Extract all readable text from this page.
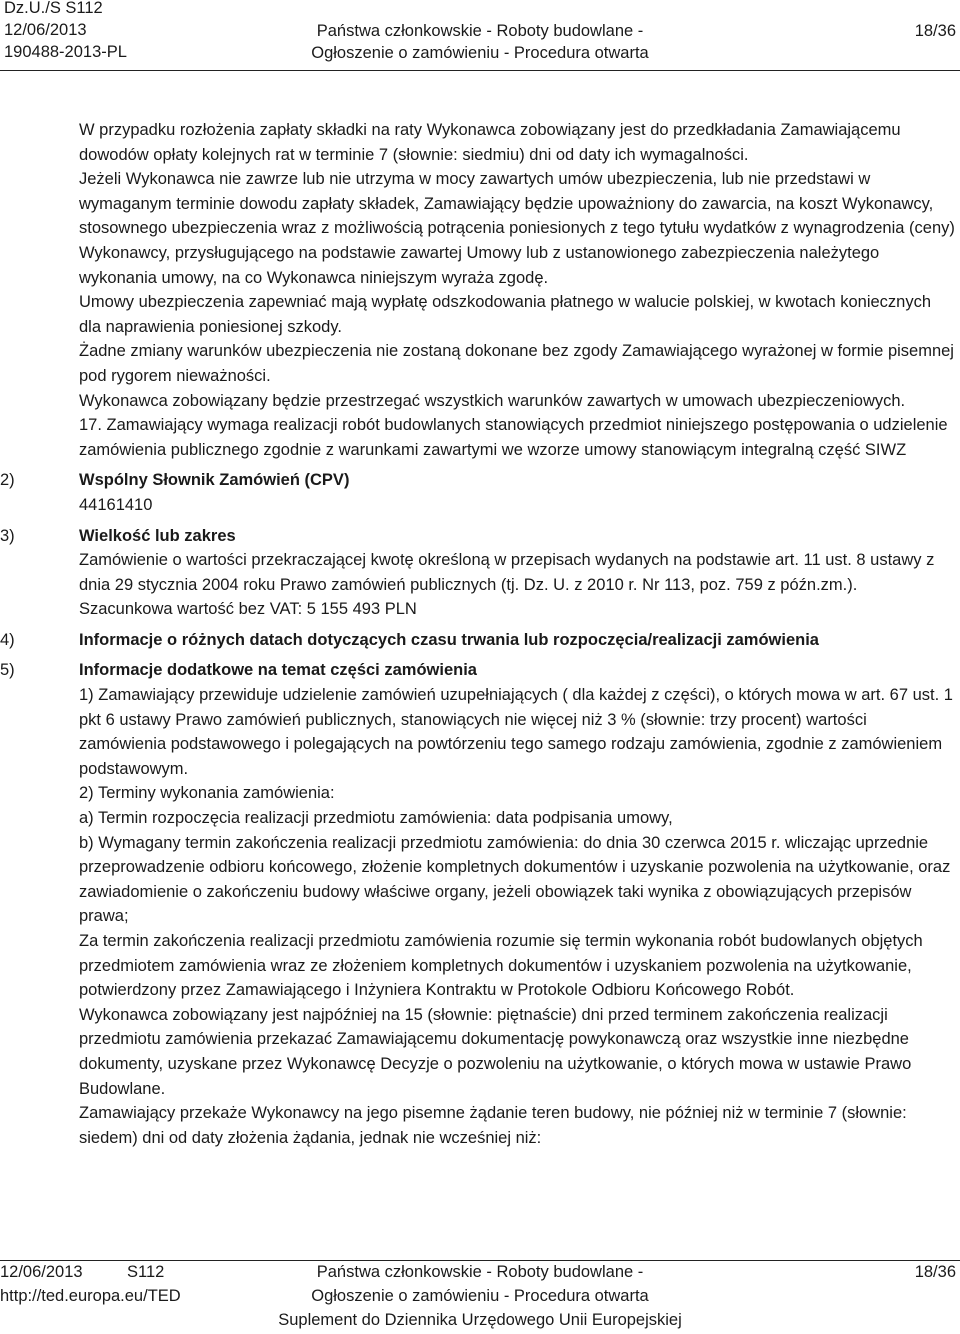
Dz.U./S S112
12/06/2013
190488-2013-PL
Państwa członkowskie - Roboty budowlane -
Ogłoszenie o zamówieniu - Procedura otwarta
18/36

W przypadku rozłożenia zapłaty składki na raty Wykonawca zobowiązany jest do przedkładania Zamawiającemu dowodów opłaty kolejnych rat w terminie 7 (słownie: siedmiu) dni od daty ich wymagalności.

Jeżeli Wykonawca nie zawrze lub nie utrzyma w mocy zawartych umów ubezpieczenia, lub nie przedstawi w wymaganym terminie dowodu zapłaty składek, Zamawiający będzie upoważniony do zawarcia, na koszt Wykonawcy, stosownego ubezpieczenia wraz z możliwością potrącenia poniesionych z tego tytułu wydatków z wynagrodzenia (ceny) Wykonawcy, przysługującego na podstawie zawartej Umowy lub z ustanowionego zabezpieczenia należytego wykonania umowy, na co Wykonawca niniejszym wyraża zgodę.

Umowy ubezpieczenia zapewniać mają wypłatę odszkodowania płatnego w walucie polskiej, w kwotach koniecznych dla naprawienia poniesionej szkody.

Żadne zmiany warunków ubezpieczenia nie zostaną dokonane bez zgody Zamawiającego wyrażonej w formie pisemnej pod rygorem nieważności.

Wykonawca zobowiązany będzie przestrzegać wszystkich warunków zawartych w umowach ubezpieczeniowych.

17. Zamawiający wymaga realizacji robót budowlanych stanowiących przedmiot niniejszego postępowania o udzielenie zamówienia publicznego zgodnie z warunkami zawartymi we wzorze umowy stanowiącym integralną część SIWZ

2)	Wspólny Słownik Zamówień (CPV)

44161410

3)	Wielkość lub zakres

Zamówienie o wartości przekraczającej kwotę określoną w przepisach wydanych na podstawie art. 11 ust. 8 ustawy z dnia 29 stycznia 2004 roku Prawo zamówień publicznych (tj. Dz. U. z 2010 r. Nr 113, poz. 759 z późn.zm.).

Szacunkowa wartość bez VAT: 5 155 493 PLN

4)	Informacje o różnych datach dotyczących czasu trwania lub rozpoczęcia/realizacji zamówienia
5)	Informacje dodatkowe na temat części zamówienia

1) Zamawiający przewiduje udzielenie zamówień uzupełniających ( dla każdej z części), o których mowa w art. 67 ust. 1 pkt 6 ustawy Prawo zamówień publicznych, stanowiących nie więcej niż 3 % (słownie: trzy procent) wartości zamówienia podstawowego i polegających na powtórzeniu tego samego rodzaju zamówienia, zgodnie z zamówieniem podstawowym.

2) Terminy wykonania zamówienia:

a) Termin rozpoczęcia realizacji przedmiotu zamówienia: data podpisania umowy,

b) Wymagany termin zakończenia realizacji przedmiotu zamówienia: do dnia 30 czerwca 2015 r. wliczając uprzednie przeprowadzenie odbioru końcowego, złożenie kompletnych dokumentów i uzyskanie pozwolenia na użytkowanie, oraz zawiadomienie o zakończeniu budowy właściwe organy, jeżeli obowiązek taki wynika z obowiązujących przepisów prawa;

Za termin zakończenia realizacji przedmiotu zamówienia rozumie się termin wykonania robót budowlanych objętych przedmiotem zamówienia wraz ze złożeniem kompletnych dokumentów i uzyskaniem pozwolenia na użytkowanie, potwierdzony przez Zamawiającego i Inżyniera Kontraktu w Protokole Odbioru Końcowego Robót.

Wykonawca zobowiązany jest najpóźniej na 15 (słownie: piętnaście) dni przed terminem zakończenia realizacji przedmiotu zamówienia przekazać Zamawiającemu dokumentację powykonawczą oraz wszystkie inne niezbędne dokumenty, uzyskane przez Wykonawcę Decyzje o pozwoleniu na użytkowanie, o których mowa w ustawie Prawo Budowlane.

Zamawiający przekaże Wykonawcy na jego pisemne żądanie teren budowy, nie później niż w terminie 7 (słownie: siedem) dni od daty złożenia żądania, jednak nie wcześniej niż:

12/06/2013
http://ted.europa.eu/TED
S112	Państwa członkowskie - Roboty budowlane -
Ogłoszenie o zamówieniu - Procedura otwarta
Suplement do Dziennika Urzędowego Unii Europejskiej
18/36
